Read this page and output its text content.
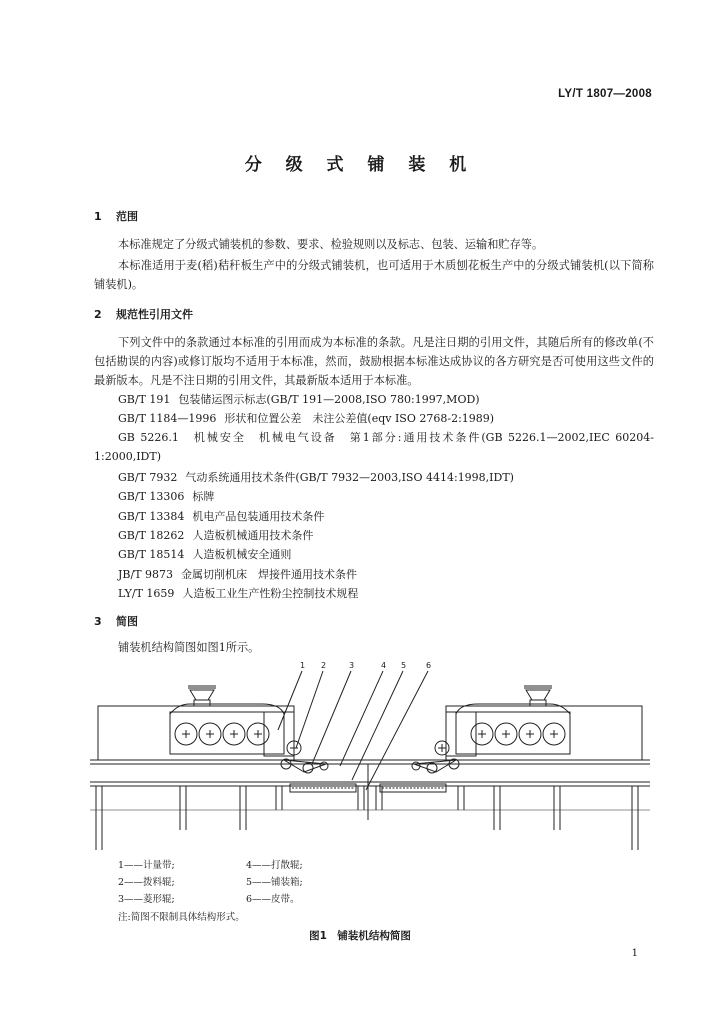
LY/T 1807—2008
分 级 式 铺 装 机
1 范围
本标准规定了分级式铺装机的参数、要求、检验规则以及标志、包装、运输和贮存等。
本标准适用于麦(稻)秸秆板生产中的分级式铺装机，也可适用于木质刨花板生产中的分级式铺装机(以下简称铺装机)。
2 规范性引用文件
下列文件中的条款通过本标准的引用而成为本标准的条款。凡是注日期的引用文件，其随后所有的修改单(不包括勘误的内容)或修订版均不适用于本标准，然而，鼓励根据本标准达成协议的各方研究是否可使用这些文件的最新版本。凡是不注日期的引用文件，其最新版本适用于本标准。
GB/T 191 包装储运图示标志(GB/T 191—2008,ISO 780:1997,MOD)
GB/T 1184—1996 形状和位置公差　未注公差值(eqv ISO 2768-2:1989)
GB 5226.1　 机械安全　机械电气设备　第1部分:通用技术条件(GB 5226.1—2002,IEC 60204-1:2000,IDT)
GB/T 7932 气动系统通用技术条件(GB/T 7932—2003,ISO 4414:1998,IDT)
GB/T 13306 标牌
GB/T 13384 机电产品包装通用技术条件
GB/T 18262 人造板机械通用技术条件
GB/T 18514 人造板机械安全通则
JB/T 9873 金属切削机床　焊接件通用技术条件
LY/T 1659 人造板工业生产性粉尘控制技术规程
3 简图
铺装机结构简图如图1所示。
1 2	3	4 5 6
1——计量带;	4——打散辊;
2——拨料辊;	5——铺装箱;
3——菱形辊;	6——皮带。
注:简图不限制具体结构形式。
图1　铺装机结构简图
1
